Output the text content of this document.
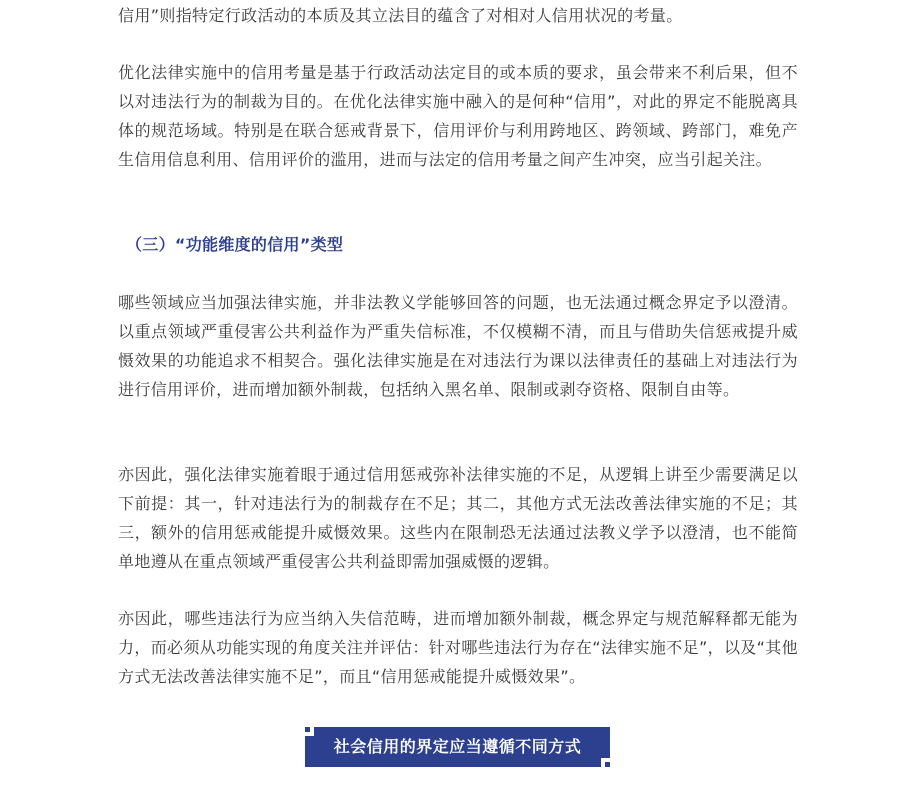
信用”则指特定行政活动的本质及其立法目的蕴含了对相对人信用状况的考量。

优化法律实施中的信用考量是基于行政活动法定目的或本质的要求，虽会带来不利后果，但不以对违法行为的制裁为目的。在优化法律实施中融入的是何种“信用”，对此的界定不能脱离具体的规范场域。特别是在联合惩戒背景下，信用评价与利用跨地区、跨领域、跨部门，难免产生信用信息利用、信用评价的滥用，进而与法定的信用考量之间产生冲突，应当引起关注。

（三）“功能维度的信用”类型

哪些领域应当加强法律实施，并非法教义学能够回答的问题，也无法通过概念界定予以澄清。以重点领域严重侵害公共利益作为严重失信标准，不仅模糊不清，而且与借助失信惩戒提升威慑效果的功能追求不相契合。强化法律实施是在对违法行为课以法律责任的基础上对违法行为进行信用评价，进而增加额外制裁，包括纳入黑名单、限制或剥夺资格、限制自由等。

亦因此，强化法律实施着眼于通过信用惩戒弥补法律实施的不足，从逻辑上讲至少需要满足以下前提：其一，针对违法行为的制裁存在不足；其二，其他方式无法改善法律实施的不足；其三，额外的信用惩戒能提升威慑效果。这些内在限制恐无法通过法教义学予以澄清，也不能简单地遵从在重点领域严重侵害公共利益即需加强威慑的逻辑。

亦因此，哪些违法行为应当纳入失信范畴，进而增加额外制裁，概念界定与规范解释都无能为力，而必须从功能实现的角度关注并评估：针对哪些违法行为存在“法律实施不足”，以及“其他方式无法改善法律实施不足”，而且“信用惩戒能提升威慑效果”。

社会信用的界定应当遵循不同方式
